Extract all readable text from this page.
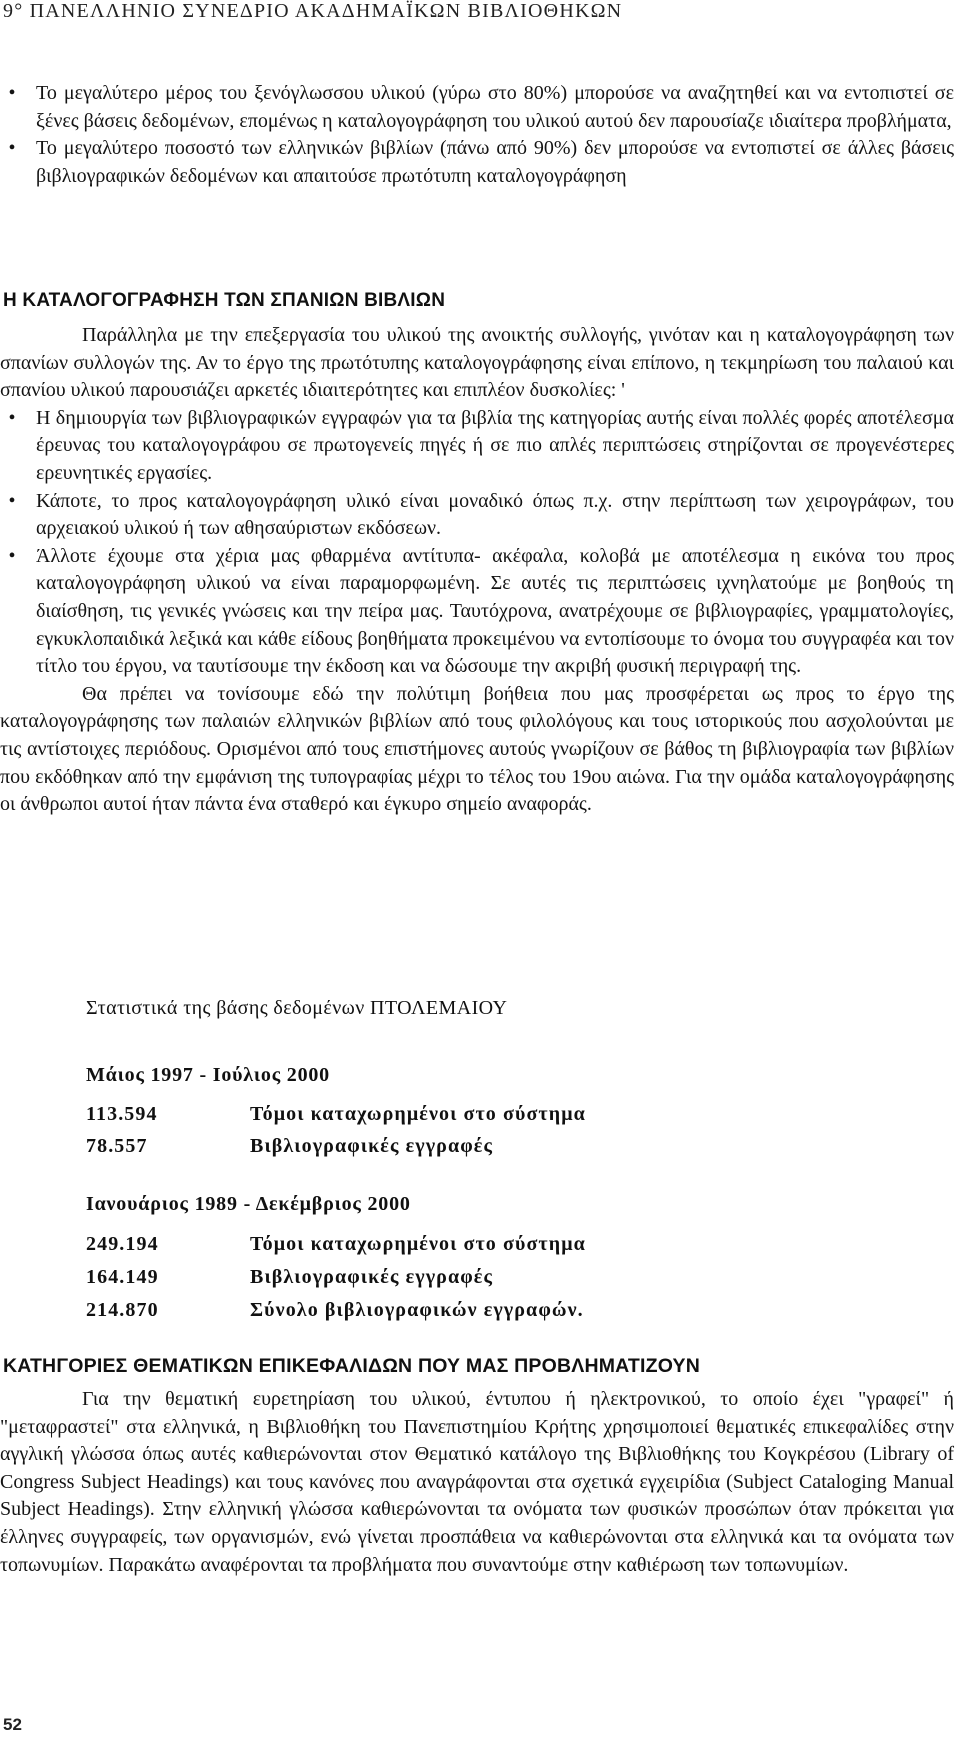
9° ΠΑΝΕΛΛΗΝΙΟ ΣΥΝΕΔΡΙΟ ΑΚΑΔΗΜΑΪΚΩΝ ΒΙΒΛΙΟΘΗΚΩΝ
• Το μεγαλύτερο μέρος του ξενόγλωσσου υλικού (γύρω στο 80%) μπορούσε να αναζητηθεί και να εντοπιστεί σε ξένες βάσεις δεδομένων, επομένως η καταλογογράφηση του υλικού αυτού δεν παρουσίαζε ιδιαίτερα προβλήματα,
• Το μεγαλύτερο ποσοστό των ελληνικών βιβλίων (πάνω από 90%) δεν μπορούσε να εντοπιστεί σε άλλες βάσεις βιβλιογραφικών δεδομένων και απαιτούσε πρωτότυπη καταλογογράφηση
Η ΚΑΤΑΛΟΓΟΓΡΑΦΗΣΗ ΤΩΝ ΣΠΑΝΙΩΝ ΒΙΒΛΙΩΝ

Παράλληλα με την επεξεργασία του υλικού της ανοικτής συλλογής, γινόταν και η καταλογογράφηση των σπανίων συλλογών της. Αν το έργο της πρωτότυπης καταλογογράφησης είναι επίπονο, η τεκμηρίωση του παλαιού και σπανίου υλικού παρουσιάζει αρκετές ιδιαιτερότητες και επιπλέον δυσκολίες: '

• Η δημιουργία των βιβλιογραφικών εγγραφών για τα βιβλία της κατηγορίας αυτής είναι πολλές φορές αποτέλεσμα έρευνας του καταλογογράφου σε πρωτογενείς πηγές ή σε πιο απλές περιπτώσεις στηρίζονται σε προγενέστερες ερευνητικές εργασίες.
• Κάποτε, το προς καταλογογράφηση υλικό είναι μοναδικό όπως π.χ. στην περίπτωση των χειρογράφων, του αρχειακού υλικού ή των αθησαύριστων εκδόσεων.
• Άλλοτε έχουμε στα χέρια μας φθαρμένα αντίτυπα- ακέφαλα, κολοβά με αποτέλεσμα η εικόνα του προς καταλογογράφηση υλικού να είναι παραμορφωμένη. Σε αυτές τις περιπτώσεις ιχνηλατούμε με βοηθούς τη διαίσθηση, τις γενικές γνώσεις και την πείρα μας. Ταυτόχρονα, ανατρέχουμε σε βιβλιογραφίες, γραμματολογίες, εγκυκλοπαιδικά λεξικά και κάθε είδους βοηθήματα προκειμένου να εντοπίσουμε το όνομα του συγγραφέα και τον τίτλο του έργου, να ταυτίσουμε την έκδοση και να δώσουμε την ακριβή φυσική περιγραφή της.

Θα πρέπει να τονίσουμε εδώ την πολύτιμη βοήθεια που μας προσφέρεται ως προς το έργο της καταλογογράφησης των παλαιών ελληνικών βιβλίων από τους φιλολόγους και τους ιστορικούς που ασχολούνται με τις αντίστοιχες περιόδους. Ορισμένοι από τους επιστήμονες αυτούς γνωρίζουν σε βάθος τη βιβλιογραφία των βιβλίων που εκδόθηκαν από την εμφάνιση της τυπογραφίας μέχρι το τέλος του 19ου αιώνα. Για την ομάδα καταλογογράφησης οι άνθρωποι αυτοί ήταν πάντα ένα σταθερό και έγκυρο σημείο αναφοράς.

Στατιστικά της βάσης δεδομένων ΠΤΟΛΕΜΑΙΟΥ
Μάιος 1997 - Ιούλιος 2000
113.594	Τόμοι καταχωρημένοι στο σύστημα
78.557	Βιβλιογραφικές εγγραφές
Ιανουάριος 1989 - Δεκέμβριος 2000
249.194	Τόμοι καταχωρημένοι στο σύστημα
164.149	Βιβλιογραφικές εγγραφές
214.870	Σύνολο βιβλιογραφικών εγγραφών.
ΚΑΤΗΓΟΡΙΕΣ ΘΕΜΑΤΙΚΩΝ ΕΠΙΚΕΦΑΛΙΔΩΝ ΠΟΥ ΜΑΣ ΠΡΟΒΛΗΜΑΤΙΖΟΥΝ

Για την θεματική ευρετηρίαση του υλικού, έντυπου ή ηλεκτρονικού, το οποίο έχει "γραφεί" ή "μεταφραστεί" στα ελληνικά, η Βιβλιοθήκη του Πανεπιστημίου Κρήτης χρησιμοποιεί θεματικές επικεφαλίδες στην αγγλική γλώσσα όπως αυτές καθιερώνονται στον Θεματικό κατάλογο της Βιβλιοθήκης του Κογκρέσου (Library of Congress Subject Headings) και τους κανόνες που αναγράφονται στα σχετικά εγχειρίδια (Subject Cataloging Manual Subject Headings). Στην ελληνική γλώσσα καθιερώνονται τα ονόματα των φυσικών προσώπων όταν πρόκειται για έλληνες συγγραφείς, των οργανισμών, ενώ γίνεται προσπάθεια να καθιερώνονται στα ελληνικά και τα ονόματα των τοπωνυμίων. Παρακάτω αναφέρονται τα προβλήματα που συναντούμε στην καθιέρωση των τοπωνυμίων.

52
